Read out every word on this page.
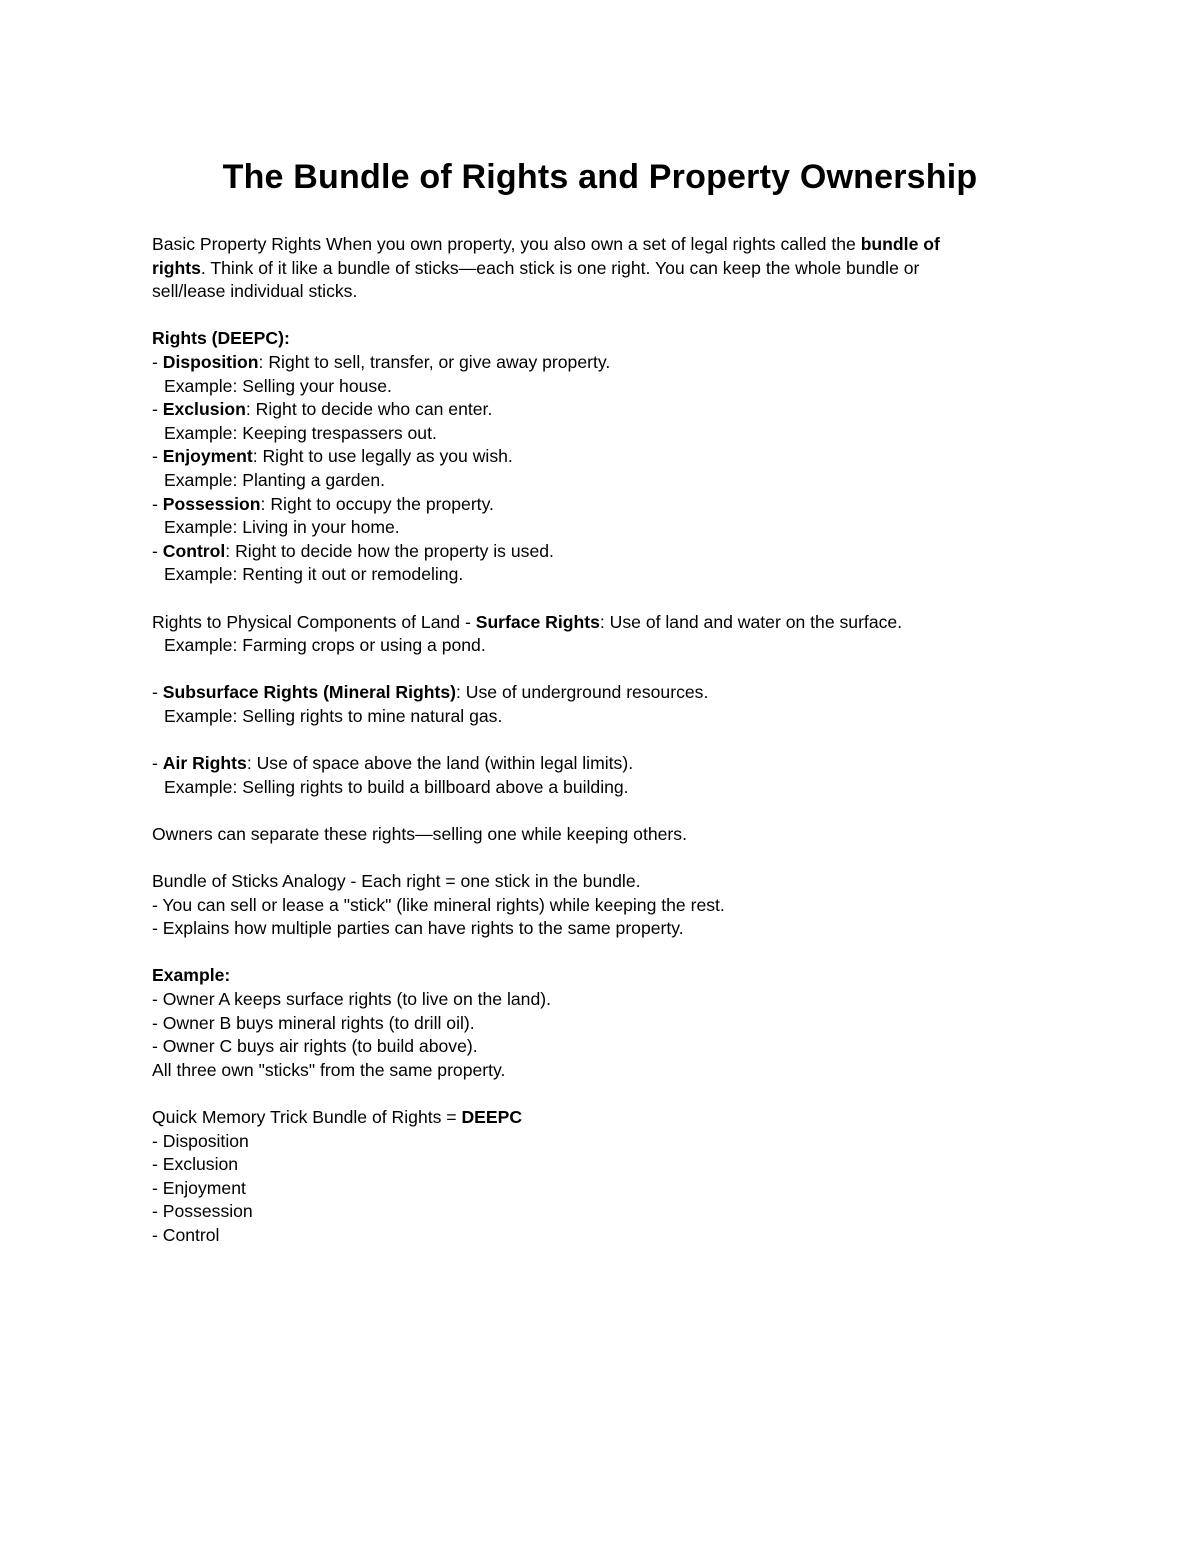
The Bundle of Rights and Property Ownership
Basic Property Rights When you own property, you also own a set of legal rights called the bundle of
rights. Think of it like a bundle of sticks—each stick is one right. You can keep the whole bundle or
sell/lease individual sticks.
Rights (DEEPC):
- Disposition: Right to sell, transfer, or give away property.
Example: Selling your house.
- Exclusion: Right to decide who can enter.
Example: Keeping trespassers out.
- Enjoyment: Right to use legally as you wish.
Example: Planting a garden.
- Possession: Right to occupy the property.
Example: Living in your home.
- Control: Right to decide how the property is used.
Example: Renting it out or remodeling.
Rights to Physical Components of Land - Surface Rights: Use of land and water on the surface.
Example: Farming crops or using a pond.
- Subsurface Rights (Mineral Rights): Use of underground resources.
Example: Selling rights to mine natural gas.
- Air Rights: Use of space above the land (within legal limits).
Example: Selling rights to build a billboard above a building.
Owners can separate these rights—selling one while keeping others.
Bundle of Sticks Analogy - Each right = one stick in the bundle.
- You can sell or lease a "stick" (like mineral rights) while keeping the rest.
- Explains how multiple parties can have rights to the same property.
Example:
- Owner A keeps surface rights (to live on the land).
- Owner B buys mineral rights (to drill oil).
- Owner C buys air rights (to build above).
All three own "sticks" from the same property.
Quick Memory Trick Bundle of Rights = DEEPC
- Disposition
- Exclusion
- Enjoyment
- Possession
- Control
